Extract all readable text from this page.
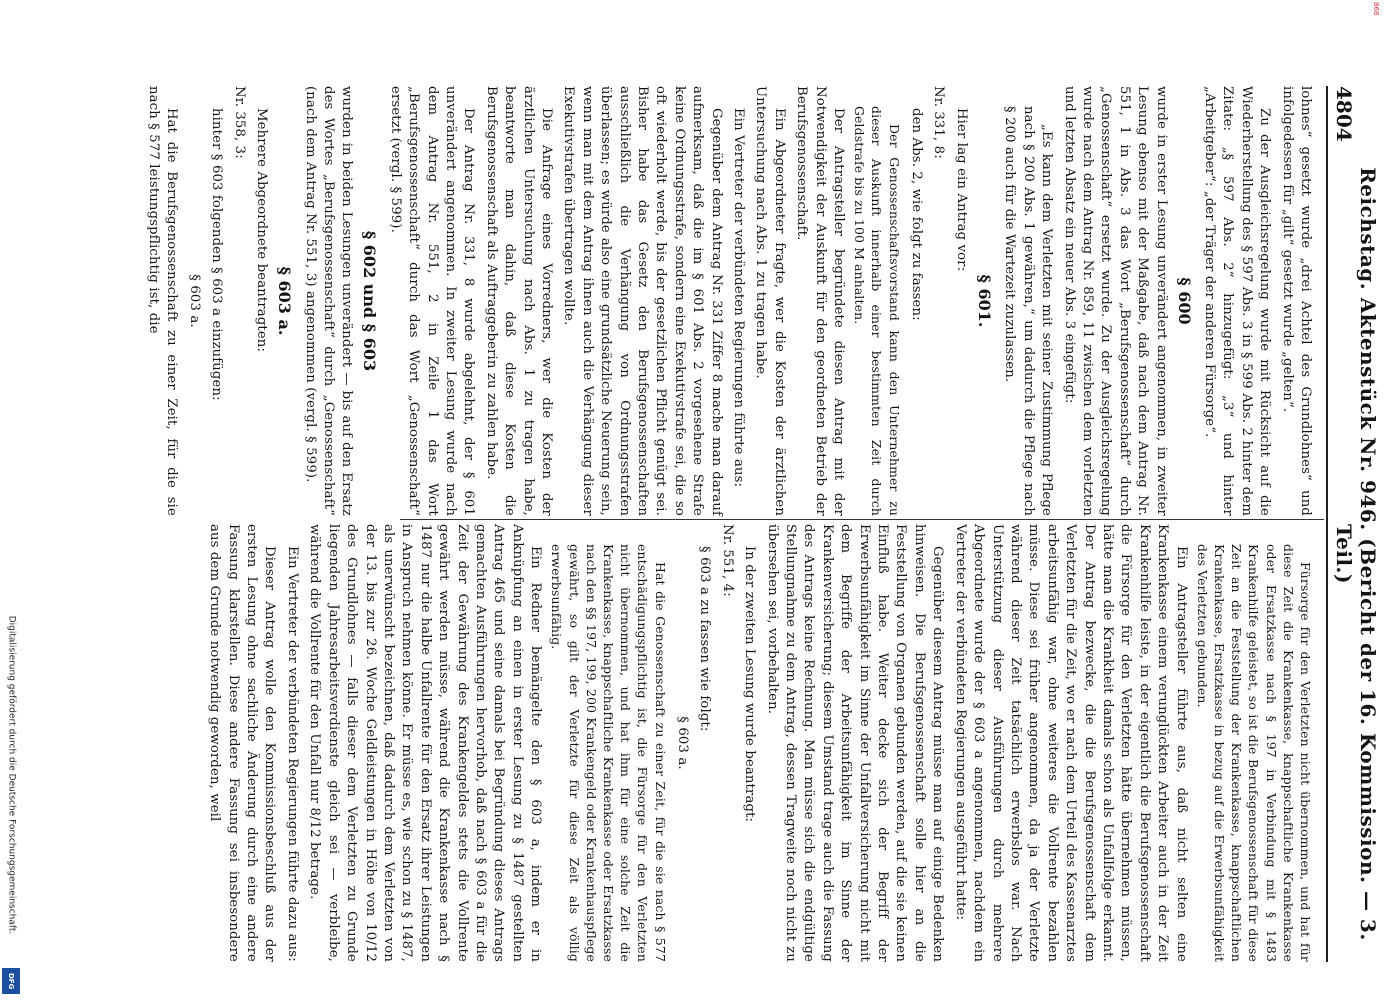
4804
Reichstag. Aktenstück Nr. 946. (Bericht der 16. Kommission. — 3. Teil.)

lohnes“ gesetzt wurde „drei Achtel des Grundlohnes“ und infolgedessen für „gilt“ gesetzt wurde „gelten“.

Zu der Ausgleichsregelung wurde mit Rücksicht auf die Wiederherstellung des § 597 Abs. 3 in § 599 Abs. 2 hinter dem Zitate: „§ 597 Abs. 2“ hinzugefügt: „3“ und hinter „Arbeitgeber“: „der Träger der anderen Fürsorge“.

§ 600

wurde in erster Lesung unverändert angenommen, in zweiter Lesung ebenso mit der Maßgabe, daß nach dem Antrag Nr. 551, 1 in Abs. 3 das Wort „Berufsgenossenschaft“ durch „Genossenschaft“ ersetzt wurde. Zu der Ausgleichsregelung wurde nach dem Antrag Nr. 859, 11 zwischen dem vorletzten und letzten Absatz ein neuer Abs. 3 eingefügt:

„Es kann dem Verletzten mit seiner Zustimmung Pflege nach § 200 Abs. 1 gewähren,“ um dadurch die Pflege nach § 200 auch für die Wartezeit zuzulassen.

§ 601.

Hier lag ein Antrag vor:

Nr. 331, 8:

den Abs. 2, wie folgt zu fassen:

Der Genossenschaftsvorstand kann den Unternehmer zu dieser Auskunft innerhalb einer bestimmten Zeit durch Geldstrafe bis zu 100 M anhalten.

Der Antragsteller begründete diesen Antrag mit der Notwendigkeit der Auskunft für den geordneten Betrieb der Berufsgenossenschaft.

Ein Abgeordneter fragte, wer die Kosten der ärztlichen Untersuchung nach Abs. 1 zu tragen habe.

Ein Vertreter der verbündeten Regierungen führte aus:

Gegenüber dem Antrag Nr. 331 Ziffer 8 mache man darauf aufmerksam, daß die im § 601 Abs. 2 vorgesehene Strafe keine Ordnungsstrafe, sondern eine Exekutivstrafe sei, die so oft wiederholt werde, bis der gesetzlichen Pflicht genügt sei. Bisher habe das Gesetz den Berufsgenossenschaften ausschließlich die Verhängung von Ordnungsstrafen überlassen; es würde also eine grundsätzliche Neuerung sein, wenn man mit dem Antrag ihnen auch die Verhängung dieser Exekutivstrafen übertragen wollte.

Die Anfrage eines Vorredners, wer die Kosten der ärztlichen Untersuchung nach Abs. 1 zu tragen habe, beantworte man dahin, daß diese Kosten die Berufsgenossenschaft als Auftraggeberin zu zahlen habe.

Der Antrag Nr. 331, 8 wurde abgelehnt, der § 601 unverändert angenommen. In zweiter Lesung wurde nach dem Antrag Nr. 551, 2 in Zeile 1 das Wort „Berufsgenossenschaft“ durch das Wort „Genossenschaft“ ersetzt (vergl. § 599).

§ 602 und § 603

wurden in beiden Lesungen unverändert — bis auf den Ersatz des Wortes „Berufsgenossenschaft“ durch „Genossenschaft“ (nach dem Antrag Nr. 551, 3) angenommen (vergl. § 599).

§ 603 a.

Mehrere Abgeordnete beantragten:

Nr. 358, 3:

hinter § 603 folgenden § 603 a einzufügen:

§ 603 a.

Hat die Berufsgenossenschaft zu einer Zeit, für die sie nach § 577 leistungspflichtig ist, die

Fürsorge für den Verletzten nicht übernommen, und hat für diese Zeit die Krankenkasse, knappschaftliche Krankenkasse oder Ersatzkasse nach § 197 in Verbindung mit § 1483 Krankenhilfe geleistet, so ist die Berufsgenossenschaft für diese Zeit an die Feststellung der Krankenkasse, knappschaftlichen Krankenkasse, Ersatzkasse in bezug auf die Erwerbsunfähigkeit des Verletzten gebunden.

Ein Antragsteller führte aus, daß nicht selten eine Krankenkasse einem verunglückten Arbeiter auch in der Zeit Krankenhilfe leiste, in der eigentlich die Berufsgenossenschaft die Fürsorge für den Verletzten hätte übernehmen müssen, hätte man die Krankheit damals schon als Unfallfolge erkannt. Der Antrag bezwecke, die die Berufsgenossenschaft dem Verletzten für die Zeit, wo er nach dem Urteil des Kassenarztes arbeitsunfähig war, ohne weiteres die Vollrente bezahlen müsse. Diese sei früher angenommen, da ja der Verletzte während dieser Zeit tatsächlich erwerbslos war. Nach Unterstützung dieser Ausführungen durch mehrere Abgeordnete wurde der § 603 a angenommen, nachdem ein Vertreter der verbündeten Regierungen ausgeführt hatte:

Gegenüber diesem Antrag müsse man auf einige Bedenken hinweisen. Die Berufsgenossenschaft solle hier an die Feststellung von Organen gebunden werden, auf die sie keinen Einfluß habe. Weiter decke sich der Begriff der Erwerbsunfähigkeit im Sinne der Unfallversicherung nicht mit dem Begriffe der Arbeitsunfähigkeit im Sinne der Krankenversicherung; diesem Umstand trage auch die Fassung des Antrags keine Rechnung. Man müsse sich die endgültige Stellungnahme zu dem Antrag, dessen Tragweite noch nicht zu übersehen sei, vorbehalten.

In der zweiten Lesung wurde beantragt:

Nr. 551, 4:

§ 603 a zu fassen wie folgt:

§ 603 a.

Hat die Genossenschaft zu einer Zeit, für die sie nach § 577 entschädigungspflichtig ist, die Fürsorge für den Verletzten nicht übernommen, und hat ihm für eine solche Zeit die Krankenkasse, knappschaftliche Krankenkasse oder Ersatzkasse nach den §§ 197, 199, 200 Krankengeld oder Krankenhauspflege gewährt, so gilt der Verletzte für diese Zeit als völlig erwerbsunfähig.

Ein Redner bemängelte den § 603 a, indem er in Anknüpfung an einen in erster Lesung zu § 1487 gestellten Antrag 465 und seine damals bei Begründung dieses Antrags gemachten Ausführungen hervorhob, daß nach § 603 a für die Zeit der Gewährung des Krankengeldes stets die Vollrente gewährt werden müsse, während die Krankenkasse nach § 1487 nur die halbe Unfallrente für den Ersatz ihrer Leistungen in Anspruch nehmen könne. Er müsse es, wie schon zu § 1487, als unerwünscht bezeichnen, daß dadurch dem Verletzten von der 13. bis zur 26. Woche Geldleistungen in Höhe von 10/12 des Grundlohnes — falls dieser dem Verletzten zu Grunde liegenden Jahresarbeitsverdienste gleich sei — verbleibe, während die Vollrente für den Unfall nur 8/12 betrage.

Ein Vertreter der verbündeten Regierungen führte dazu aus:

Dieser Antrag wolle den Kommissionsbeschluß aus der ersten Lesung ohne sachliche Änderung durch eine andere Fassung klarstellen. Diese andere Fassung sei insbesondere aus dem Grunde notwendig geworden, weil

Digitalisierung gefördert durch die Deutsche Forschungsgemeinschaft.
DFG
868
